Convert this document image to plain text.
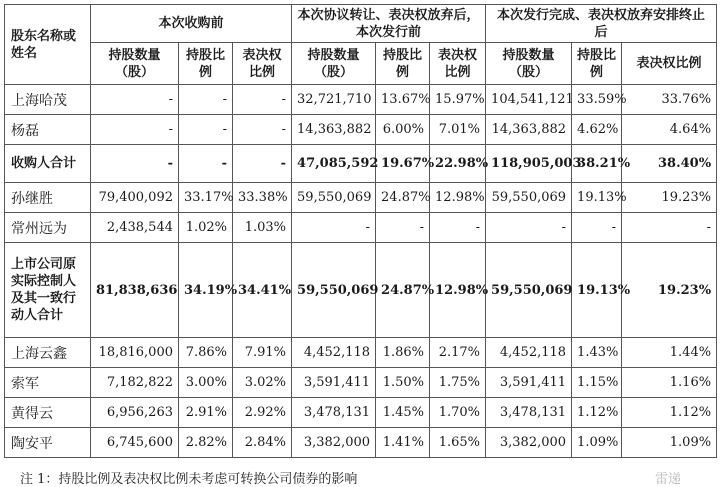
股东名称或姓名	本次收购前			本次协议转让、表决权放弃后，本次发行前			本次发行完成、表决权放弃安排终止后		
	持股数量（股）	持股比例	表决权比例	持股数量（股）	持股比例	表决权比例	持股数量（股）	持股比例	表决权比例
上海哈茂	-	-	-	32,721,710	13.67%	15.97%	104,541,121	33.59%	33.76%
杨磊	-	-	-	14,363,882	6.00%	7.01%	14,363,882	4.62%	4.64%
收购人合计	-	-	-	47,085,592	19.67%	22.98%	118,905,003	38.21%	38.40%
孙继胜	79,400,092	33.17%	33.38%	59,550,069	24.87%	12.98%	59,550,069	19.13%	19.23%
常州远为	2,438,544	1.02%	1.03%	-	-	-	-	-	-
上市公司原实际控制人及其一致行动人合计	81,838,636	34.19%	34.41%	59,550,069	24.87%	12.98%	59,550,069	19.13%	19.23%
上海云鑫	18,816,000	7.86%	7.91%	4,452,118	1.86%	2.17%	4,452,118	1.43%	1.44%
索军	7,182,822	3.00%	3.02%	3,591,411	1.50%	1.75%	3,591,411	1.15%	1.16%
黄得云	6,956,263	2.91%	2.92%	3,478,131	1.45%	1.70%	3,478,131	1.12%	1.12%
陶安平	6,745,600	2.82%	2.84%	3,382,000	1.41%	1.65%	3,382,000	1.09%	1.09%
注 1：持股比例及表决权比例未考虑可转换公司债券的影响	雷递
